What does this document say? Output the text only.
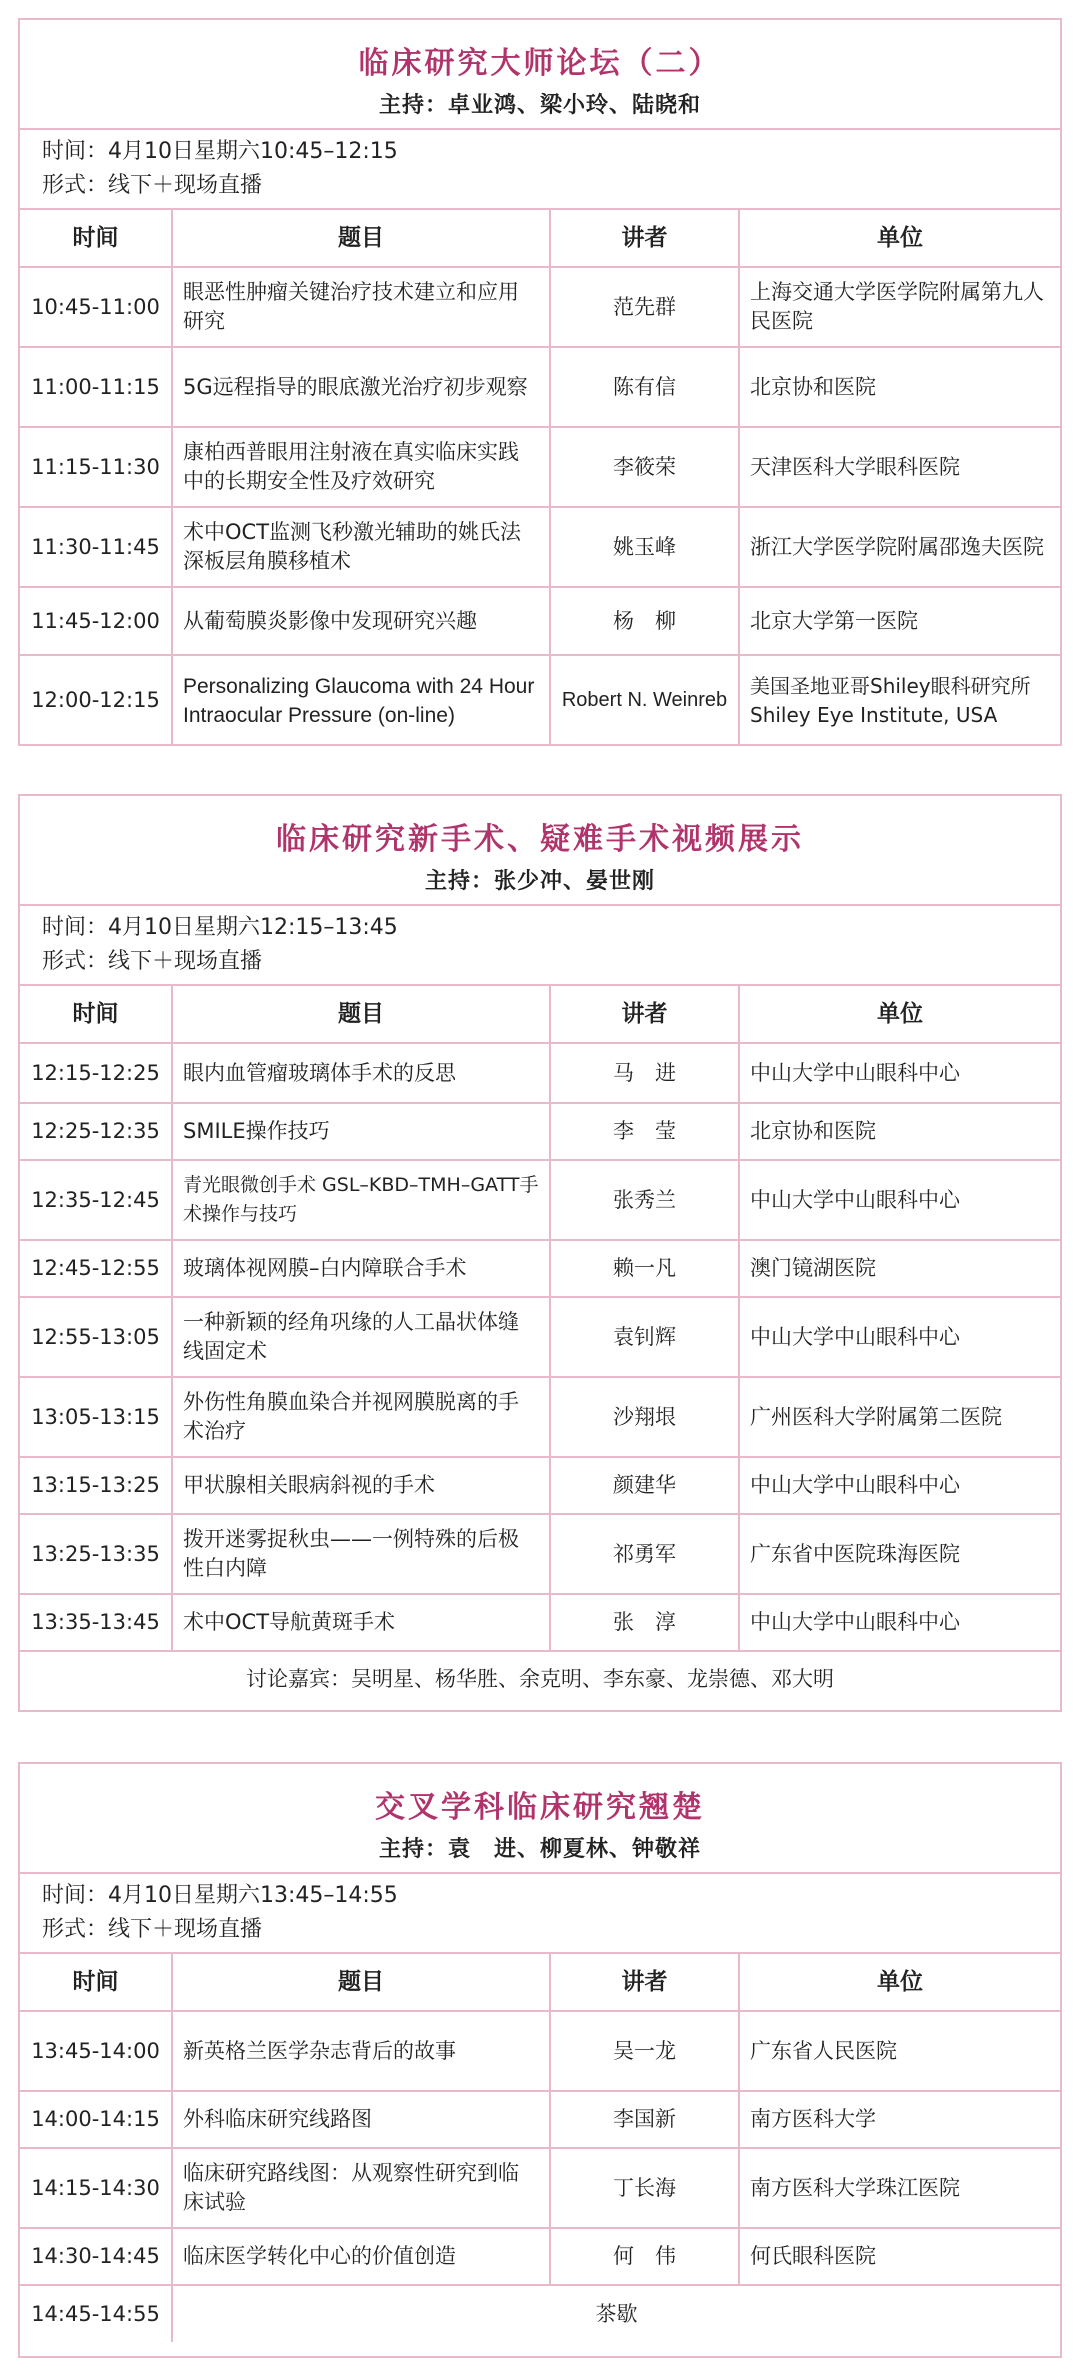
临床研究大师论坛（二）
主持：卓业鸿、梁小玲、陆晓和
时间：4月10日星期六10:45–12:15
形式：线下＋现场直播
时间	题目	讲者	单位
10:45-11:00	眼恶性肿瘤关键治疗技术建立和应用研究	范先群	上海交通大学医学院附属第九人民医院
11:00-11:15	5G远程指导的眼底激光治疗初步观察	陈有信	北京协和医院
11:15-11:30	康柏西普眼用注射液在真实临床实践中的长期安全性及疗效研究	李筱荣	天津医科大学眼科医院
11:30-11:45	术中OCT监测飞秒激光辅助的姚氏法深板层角膜移植术	姚玉峰	浙江大学医学院附属邵逸夫医院
11:45-12:00	从葡萄膜炎影像中发现研究兴趣	杨　柳	北京大学第一医院
12:00-12:15	Personalizing Glaucoma with 24 Hour Intraocular Pressure (on-line)	Robert N. Weinreb	美国圣地亚哥Shiley眼科研究所 Shiley Eye Institute, USA
临床研究新手术、疑难手术视频展示
主持：张少冲、晏世刚
时间：4月10日星期六12:15–13:45
形式：线下＋现场直播
时间	题目	讲者	单位
12:15-12:25	眼内血管瘤玻璃体手术的反思	马　进	中山大学中山眼科中心
12:25-12:35	SMILE操作技巧	李　莹	北京协和医院
12:35-12:45	青光眼微创手术 GSL–KBD–TMH–GATT手术操作与技巧	张秀兰	中山大学中山眼科中心
12:45-12:55	玻璃体视网膜–白内障联合手术	赖一凡	澳门镜湖医院
12:55-13:05	一种新颖的经角巩缘的人工晶状体缝线固定术	袁钊辉	中山大学中山眼科中心
13:05-13:15	外伤性角膜血染合并视网膜脱离的手术治疗	沙翔垠	广州医科大学附属第二医院
13:15-13:25	甲状腺相关眼病斜视的手术	颜建华	中山大学中山眼科中心
13:25-13:35	拨开迷雾捉秋虫——一例特殊的后极性白内障	祁勇军	广东省中医院珠海医院
13:35-13:45	术中OCT导航黄斑手术	张　淳	中山大学中山眼科中心
讨论嘉宾：吴明星、杨华胜、余克明、李东豪、龙崇德、邓大明			
交叉学科临床研究翘楚
主持：袁　进、柳夏林、钟敬祥
时间：4月10日星期六13:45–14:55
形式：线下＋现场直播
时间	题目	讲者	单位
13:45-14:00	新英格兰医学杂志背后的故事	吴一龙	广东省人民医院
14:00-14:15	外科临床研究线路图	李国新	南方医科大学
14:15-14:30	临床研究路线图：从观察性研究到临床试验	丁长海	南方医科大学珠江医院
14:30-14:45	临床医学转化中心的价值创造	何　伟	何氏眼科医院
14:45-14:55	茶歇		
